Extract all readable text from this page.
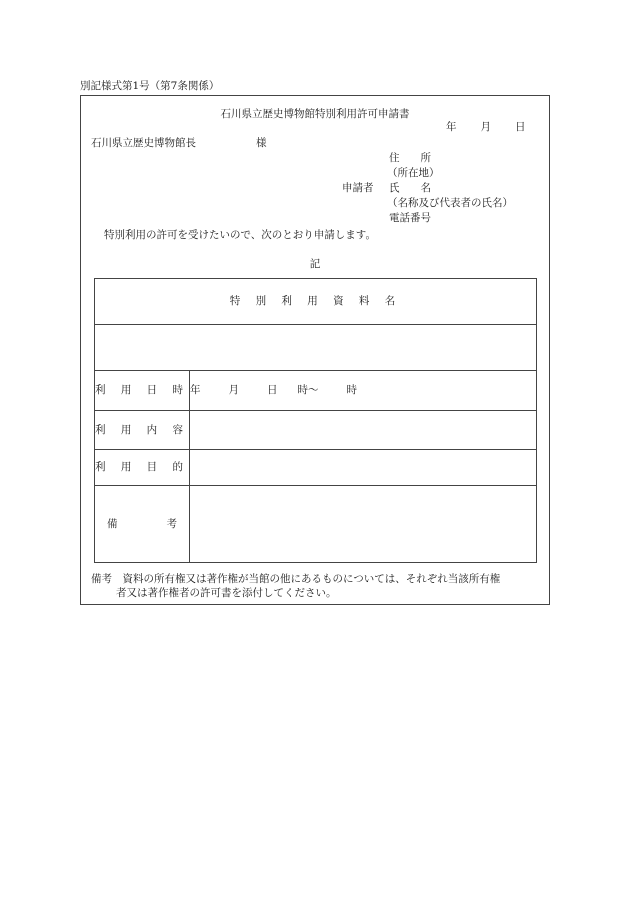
別記様式第1号（第7条関係）
石川県立歴史博物館特別利用許可申請書
年 月 日
石川県立歴史博物館長	様
住　　所
（所在地）
申請者 氏　　名
（名称及び代表者の氏名）
電話番号
特別利用の許可を受けたいので、次のとおり申請します。
記
特 別 利 用 資 料 名	

利 用 日 時	年 月 日 時～ 時
利 用 内 容	
利 用 目 的	

備 考	

備考　資料の所有権又は著作権が当館の他にあるものについては、それぞれ当該所有権
者又は著作権者の許可書を添付してください。
